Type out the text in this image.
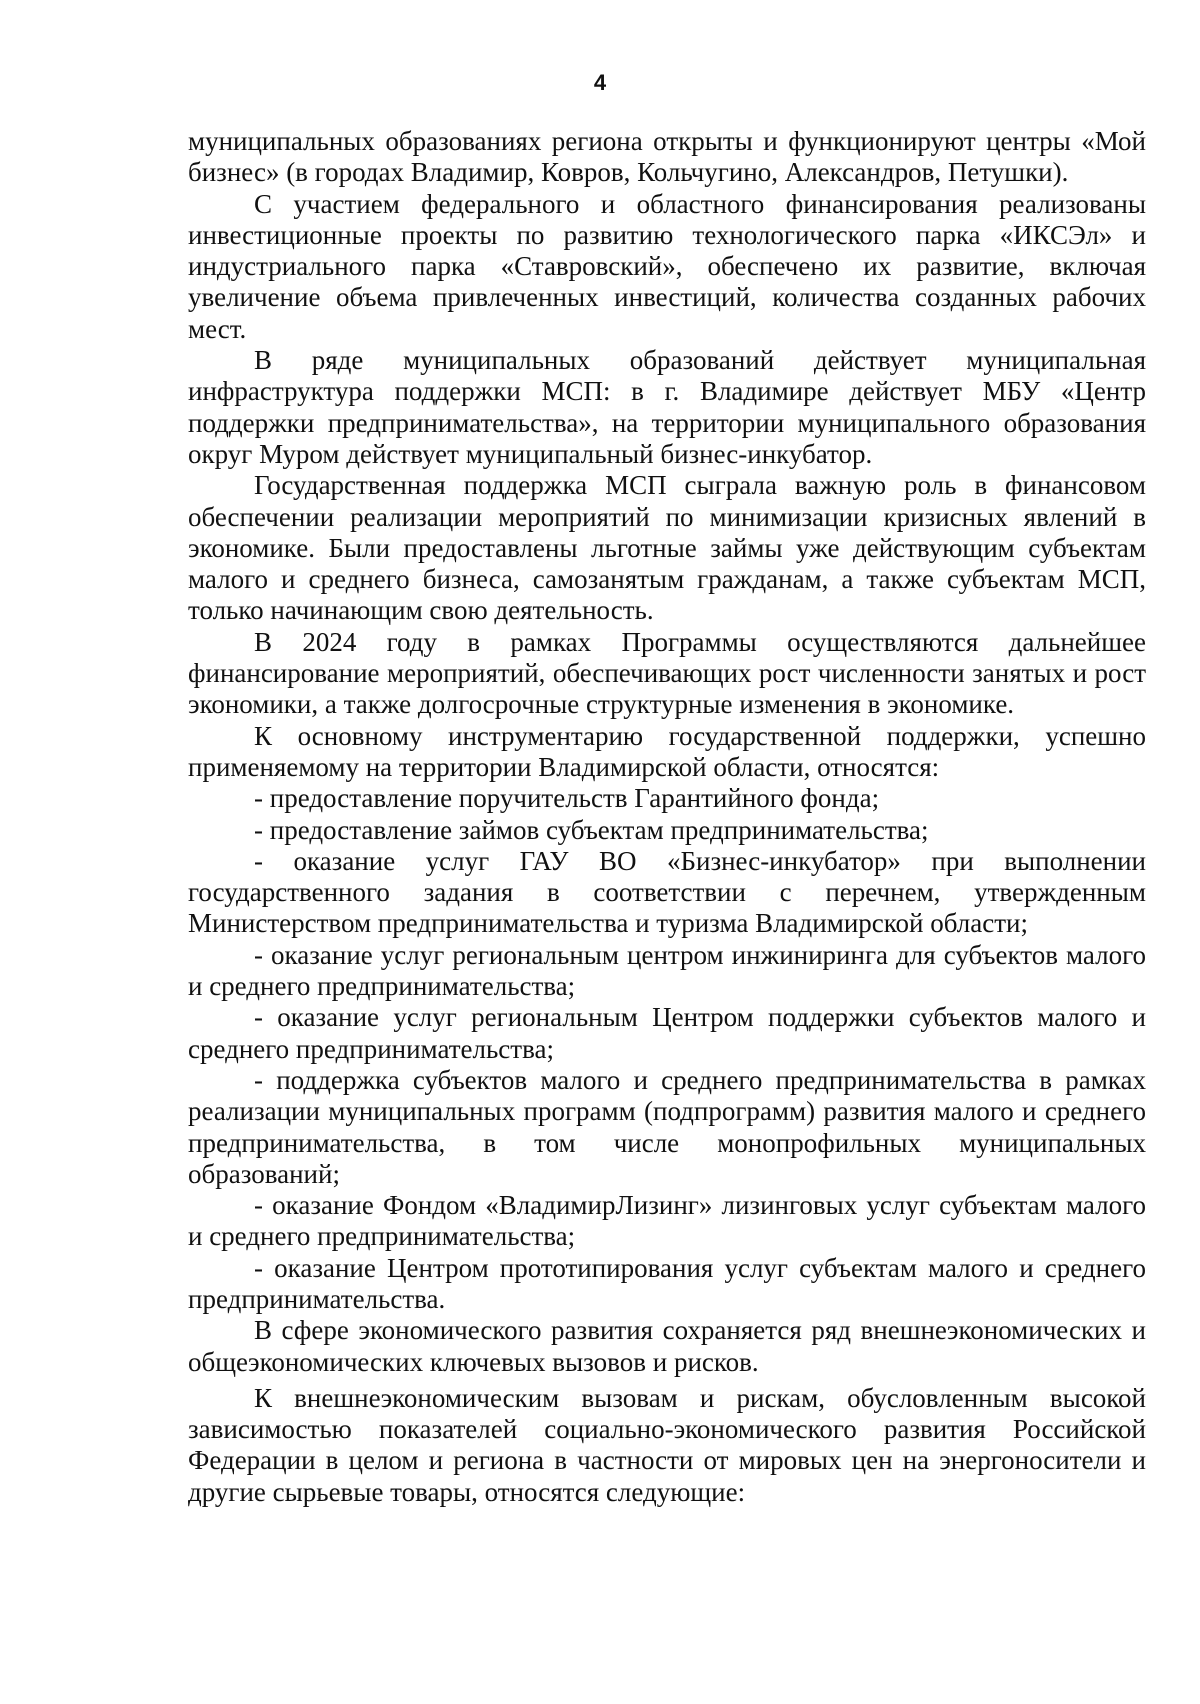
4

муниципальных образованиях региона открыты и функционируют центры «Мой бизнес» (в городах Владимир, Ковров, Кольчугино, Александров, Петушки).

С участием федерального и областного финансирования реализованы инвестиционные проекты по развитию технологического парка «ИКСЭл» и индустриального парка «Ставровский», обеспечено их развитие, включая увеличение объема привлеченных инвестиций, количества созданных рабочих мест.

В ряде муниципальных образований действует муниципальная инфраструктура поддержки МСП: в г. Владимире действует МБУ «Центр поддержки предпринимательства», на территории муниципального образования округ Муром действует муниципальный бизнес-инкубатор.

Государственная поддержка МСП сыграла важную роль в финансовом обеспечении реализации мероприятий по минимизации кризисных явлений в экономике. Были предоставлены льготные займы уже действующим субъектам малого и среднего бизнеса, самозанятым гражданам, а также субъектам МСП, только начинающим свою деятельность.

В 2024 году в рамках Программы осуществляются дальнейшее финансирование мероприятий, обеспечивающих рост численности занятых и рост экономики, а также долгосрочные структурные изменения в экономике.

К основному инструментарию государственной поддержки, успешно применяемому на территории Владимирской области, относятся:

- предоставление поручительств Гарантийного фонда;

- предоставление займов субъектам предпринимательства;

- оказание услуг ГАУ ВО «Бизнес-инкубатор» при выполнении государственного задания в соответствии с перечнем, утвержденным Министерством предпринимательства и туризма Владимирской области;

- оказание услуг региональным центром инжиниринга для субъектов малого и среднего предпринимательства;

- оказание услуг региональным Центром поддержки субъектов малого и среднего предпринимательства;

- поддержка субъектов малого и среднего предпринимательства в рамках реализации муниципальных программ (подпрограмм) развития малого и среднего предпринимательства, в том числе монопрофильных муниципальных образований;

- оказание Фондом «ВладимирЛизинг» лизинговых услуг субъектам малого и среднего предпринимательства;

- оказание Центром прототипирования услуг субъектам малого и среднего предпринимательства.

В сфере экономического развития сохраняется ряд внешнеэкономических и общеэкономических ключевых вызовов и рисков.

К внешнеэкономическим вызовам и рискам, обусловленным высокой зависимостью показателей социально-экономического развития Российской Федерации в целом и региона в частности от мировых цен на энергоносители и другие сырьевые товары, относятся следующие:
